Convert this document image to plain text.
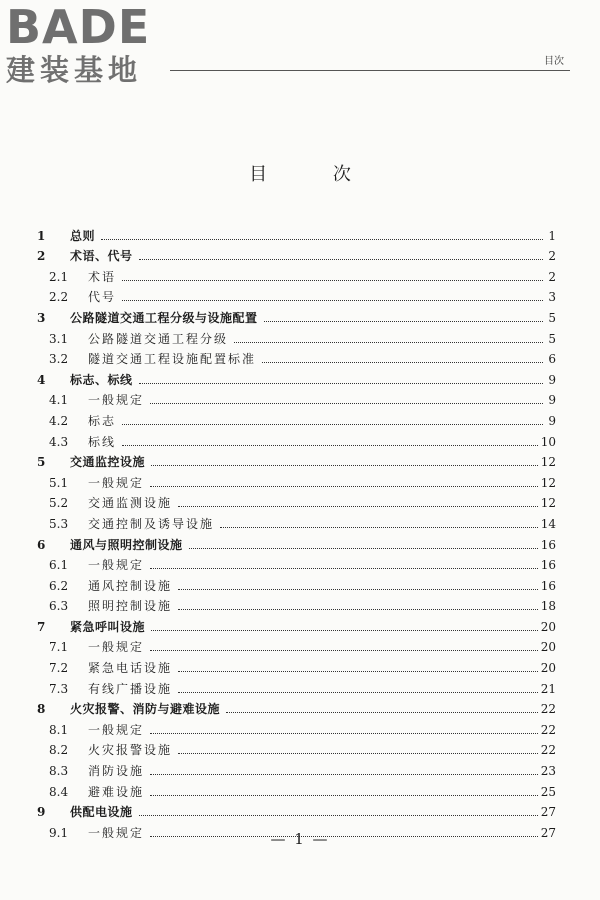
BADE
建装基地	目次
目 次
1	总则	1
2	术语、代号	2
2.1	术语	2
2.2	代号	3
3	公路隧道交通工程分级与设施配置	5
3.1	公路隧道交通工程分级	5
3.2	隧道交通工程设施配置标准	6
4	标志、标线	9
4.1	一般规定	9
4.2	标志	9
4.3	标线	10
5	交通监控设施	12
5.1	一般规定	12
5.2	交通监测设施	12
5.3	交通控制及诱导设施	14
6	通风与照明控制设施	16
6.1	一般规定	16
6.2	通风控制设施	16
6.3	照明控制设施	18
7	紧急呼叫设施	20
7.1	一般规定	20
7.2	紧急电话设施	20
7.3	有线广播设施	21
8	火灾报警、消防与避难设施	22
8.1	一般规定	22
8.2	火灾报警设施	22
8.3	消防设施	23
8.4	避难设施	25
9	供配电设施	27
9.1	一般规定	27
— 1 —
